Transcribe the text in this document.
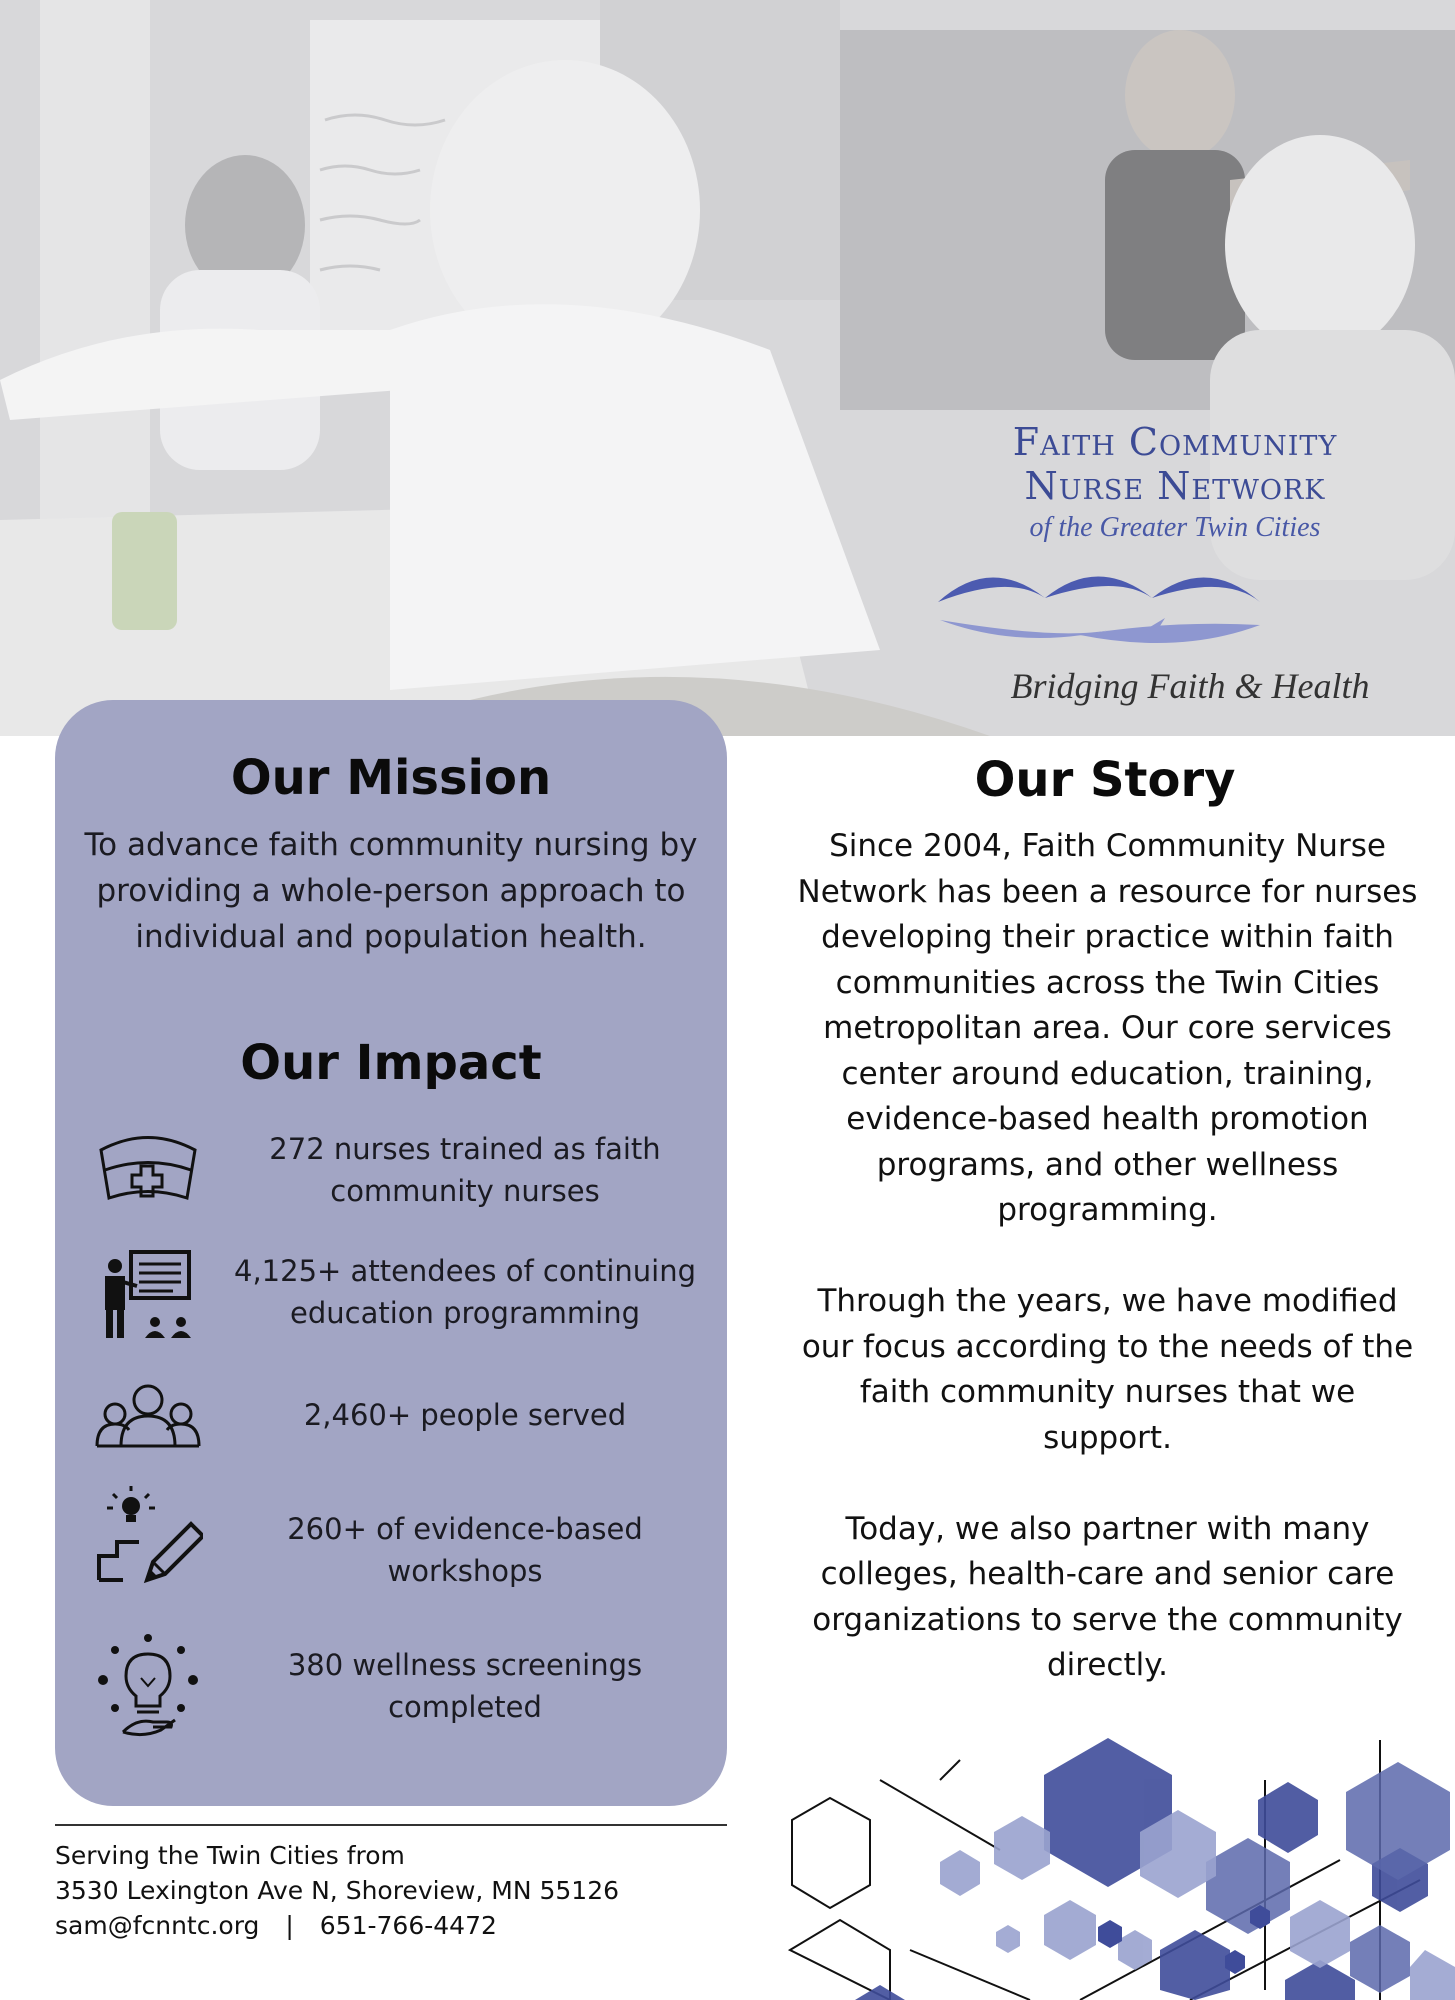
Faith Community
Nurse Network
of the Greater Twin Cities
Bridging Faith & Health
Our Mission
To advance faith community nursing by providing a whole-person approach to individual and population health.
Our Impact
272 nurses trained as faith community nurses
4,125+ attendees of continuing education programming
2,460+ people served
260+ of evidence-based workshops
380 wellness screenings completed
Our Story

Since 2004, Faith Community Nurse Network has been a resource for nurses developing their practice within faith communities across the Twin Cities metropolitan area. Our core services center around education, training, evidence-based health promotion programs, and other wellness programming.

Through the years, we have modified our focus according to the needs of the faith community nurses that we support.

Today, we also partner with many colleges, health-care and senior care organizations to serve the community directly.

Serving the Twin Cities from
3530 Lexington Ave N, Shoreview, MN 55126
sam@fcnntc.org | 651-766-4472
